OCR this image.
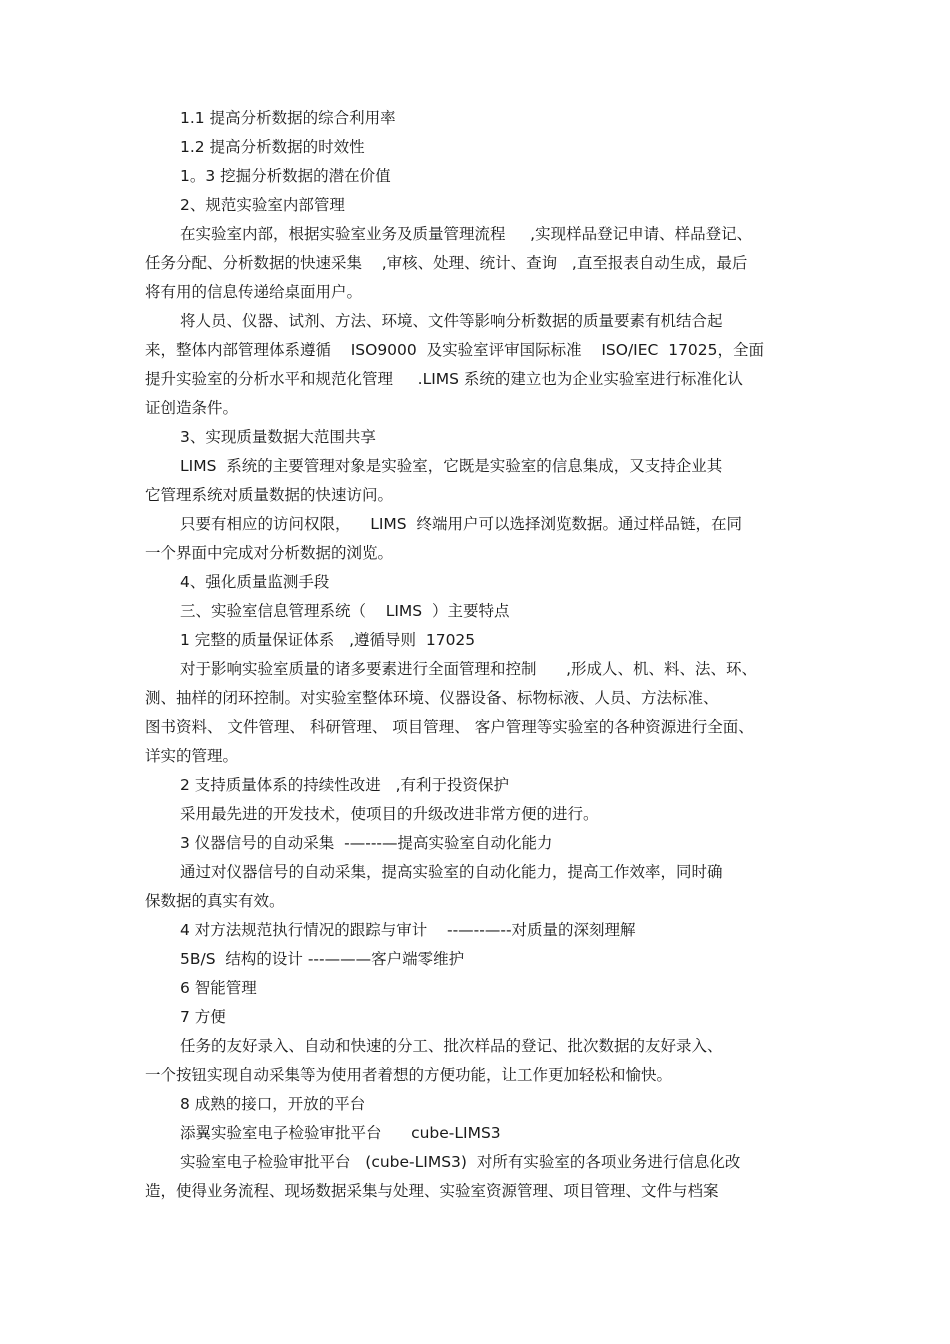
1.1 提高分析数据的综合利用率

1.2 提高分析数据的时效性

1。3 挖掘分析数据的潜在价值

2、规范实验室内部管理

在实验室内部，根据实验室业务及质量管理流程     ,实现样品登记申请、样品登记、

任务分配、分析数据的快速采集    ,审核、处理、统计、查询   ,直至报表自动生成，最后

将有用的信息传递给桌面用户。

将人员、仪器、试剂、方法、环境、文件等影响分析数据的质量要素有机结合起

来，整体内部管理体系遵循    ISO9000  及实验室评审国际标准    ISO/IEC  17025，全面

提升实验室的分析水平和规范化管理     .LIMS 系统的建立也为企业实验室进行标准化认

证创造条件。

3、实现质量数据大范围共享

LIMS  系统的主要管理对象是实验室，它既是实验室的信息集成，又支持企业其

它管理系统对质量数据的快速访问。

只要有相应的访问权限，    LIMS  终端用户可以选择浏览数据。通过样品链，在同

一个界面中完成对分析数据的浏览。

4、强化质量监测手段

三、实验室信息管理系统（    LIMS  ）主要特点

1 完整的质量保证体系   ,遵循导则  17025

对于影响实验室质量的诸多要素进行全面管理和控制      ,形成人、机、料、法、环、

测、抽样的闭环控制。对实验室整体环境、仪器设备、标物标液、人员、方法标准、

图书资料、 文件管理、 科研管理、 项目管理、 客户管理等实验室的各种资源进行全面、

详实的管理。

2 支持质量体系的持续性改进   ,有利于投资保护

采用最先进的开发技术，使项目的升级改进非常方便的进行。

3 仪器信号的自动采集  -—---—提高实验室自动化能力

通过对仪器信号的自动采集，提高实验室的自动化能力，提高工作效率，同时确

保数据的真实有效。

4 对方法规范执行情况的跟踪与审计    --—--—--对质量的深刻理解

5B/S  结构的设计 ---———客户端零维护

6 智能管理

7 方便

任务的友好录入、自动和快速的分工、批次样品的登记、批次数据的友好录入、

一个按钮实现自动采集等为使用者着想的方便功能，让工作更加轻松和愉快。

8 成熟的接口，开放的平台

添翼实验室电子检验审批平台      cube-LIMS3

实验室电子检验审批平台   (cube-LIMS3)  对所有实验室的各项业务进行信息化改

造，使得业务流程、现场数据采集与处理、实验室资源管理、项目管理、文件与档案
